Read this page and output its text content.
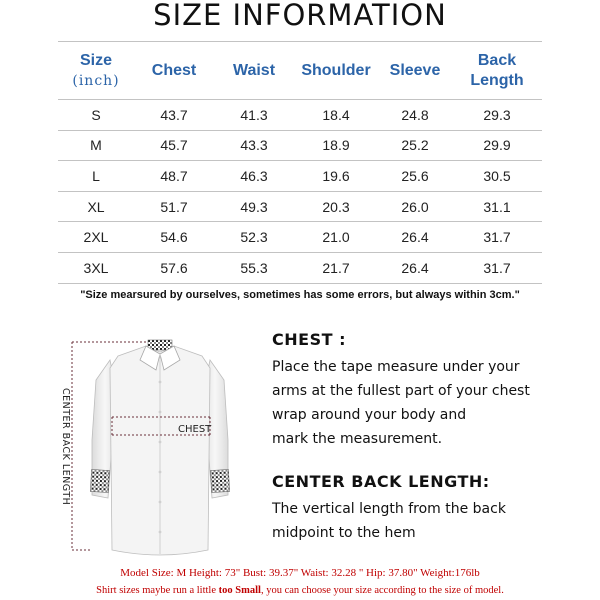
SIZE INFORMATION
Size
(inch)	Chest	Waist	Shoulder	Sleeve	Back
Length
S	43.7	41.3	18.4	24.8	29.3
M	45.7	43.3	18.9	25.2	29.9
L	48.7	46.3	19.6	25.6	30.5
XL	51.7	49.3	20.3	26.0	31.1
2XL	54.6	52.3	21.0	26.4	31.7
3XL	57.6	55.3	21.7	26.4	31.7
"Size mearsured by ourselves, sometimes has some errors, but always within 3cm."
CHEST
CENTER BACK LENGTH
CHEST :
Place the tape measure under your
arms at the fullest part of your chest
wrap around your body and
mark the measurement.
CENTER BACK LENGTH:
The vertical length from the back
midpoint to the hem
Model Size: M Height: 73" Bust: 39.37" Waist: 32.28 " Hip: 37.80" Weight:176lb
Shirt sizes maybe run a little too Small, you can choose your size according to the size of model.
